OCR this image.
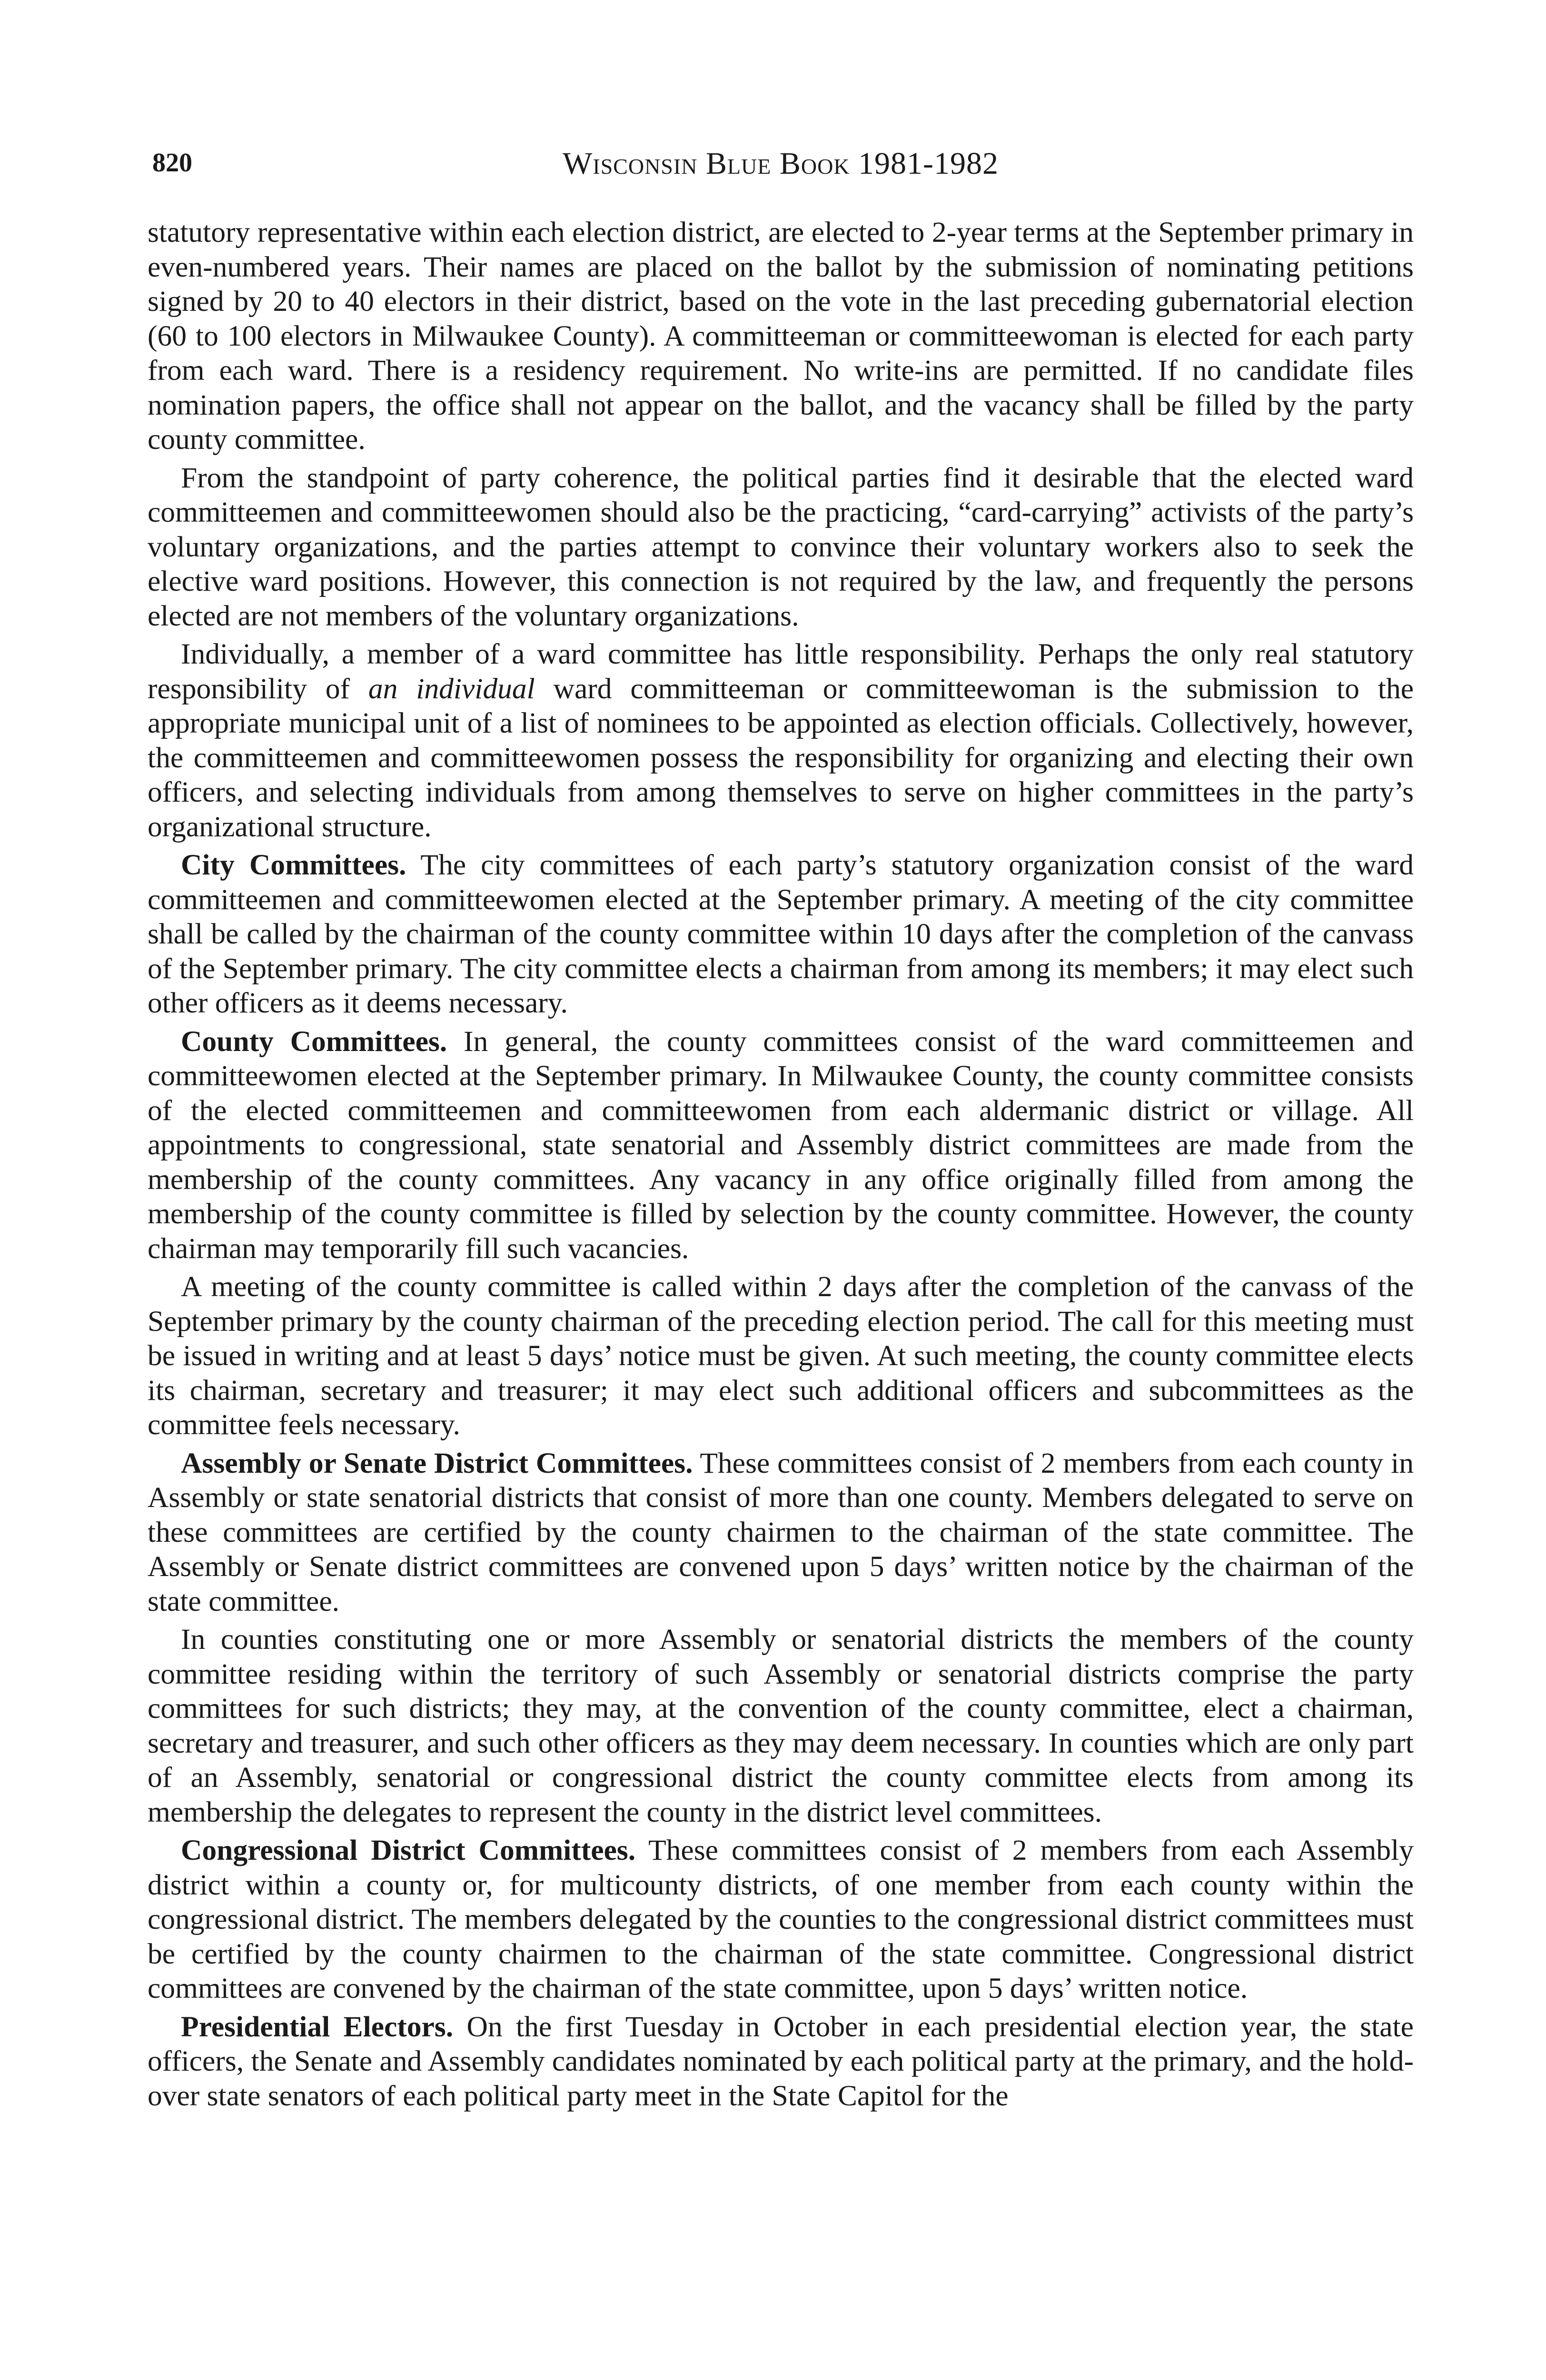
820	Wisconsin Blue Book 1981-1982

statutory representative within each election district, are elected to 2-year terms at the September primary in even-numbered years. Their names are placed on the ballot by the submission of nominating petitions signed by 20 to 40 electors in their district, based on the vote in the last preceding gubernatorial election (60 to 100 electors in Milwaukee County). A committeeman or committeewoman is elected for each party from each ward. There is a residency requirement. No write-ins are permitted. If no candidate files nomination papers, the office shall not appear on the ballot, and the vacancy shall be filled by the party county committee.

From the standpoint of party coherence, the political parties find it desirable that the elected ward committeemen and committeewomen should also be the practicing, “card-carrying” activists of the party’s voluntary organizations, and the parties attempt to convince their voluntary workers also to seek the elective ward positions. However, this connection is not required by the law, and frequently the persons elected are not members of the voluntary organizations.

Individually, a member of a ward committee has little responsibility. Perhaps the only real statutory responsibility of an individual ward committeeman or committeewoman is the submission to the appropriate municipal unit of a list of nominees to be appointed as election officials. Collectively, however, the committeemen and committeewomen possess the responsibility for organizing and electing their own officers, and selecting individuals from among themselves to serve on higher committees in the party’s organizational structure.

City Committees. The city committees of each party’s statutory organization consist of the ward committeemen and committeewomen elected at the September primary. A meeting of the city committee shall be called by the chairman of the county committee within 10 days after the completion of the canvass of the September primary. The city committee elects a chairman from among its members; it may elect such other officers as it deems necessary.

County Committees. In general, the county committees consist of the ward committeemen and committeewomen elected at the September primary. In Milwaukee County, the county committee consists of the elected committeemen and committeewomen from each aldermanic district or village. All appointments to congressional, state senatorial and Assembly district committees are made from the membership of the county committees. Any vacancy in any office originally filled from among the membership of the county committee is filled by selection by the county committee. However, the county chairman may temporarily fill such vacancies.

A meeting of the county committee is called within 2 days after the completion of the canvass of the September primary by the county chairman of the preceding election period. The call for this meeting must be issued in writing and at least 5 days’ notice must be given. At such meeting, the county committee elects its chairman, secretary and treasurer; it may elect such additional officers and subcommittees as the committee feels necessary.

Assembly or Senate District Committees. These committees consist of 2 members from each county in Assembly or state senatorial districts that consist of more than one county. Members delegated to serve on these committees are certified by the county chairmen to the chairman of the state committee. The Assembly or Senate district committees are convened upon 5 days’ written notice by the chairman of the state committee.

In counties constituting one or more Assembly or senatorial districts the members of the county committee residing within the territory of such Assembly or senatorial districts comprise the party committees for such districts; they may, at the convention of the county committee, elect a chairman, secretary and treasurer, and such other officers as they may deem necessary. In counties which are only part of an Assembly, senatorial or congressional district the county committee elects from among its membership the delegates to represent the county in the district level committees.

Congressional District Committees. These committees consist of 2 members from each Assembly district within a county or, for multicounty districts, of one member from each county within the congressional district. The members delegated by the counties to the congressional district committees must be certified by the county chairmen to the chairman of the state committee. Congressional district committees are convened by the chairman of the state committee, upon 5 days’ written notice.

Presidential Electors. On the first Tuesday in October in each presidential election year, the state officers, the Senate and Assembly candidates nominated by each political party at the primary, and the hold-over state senators of each political party meet in the State Capitol for the
